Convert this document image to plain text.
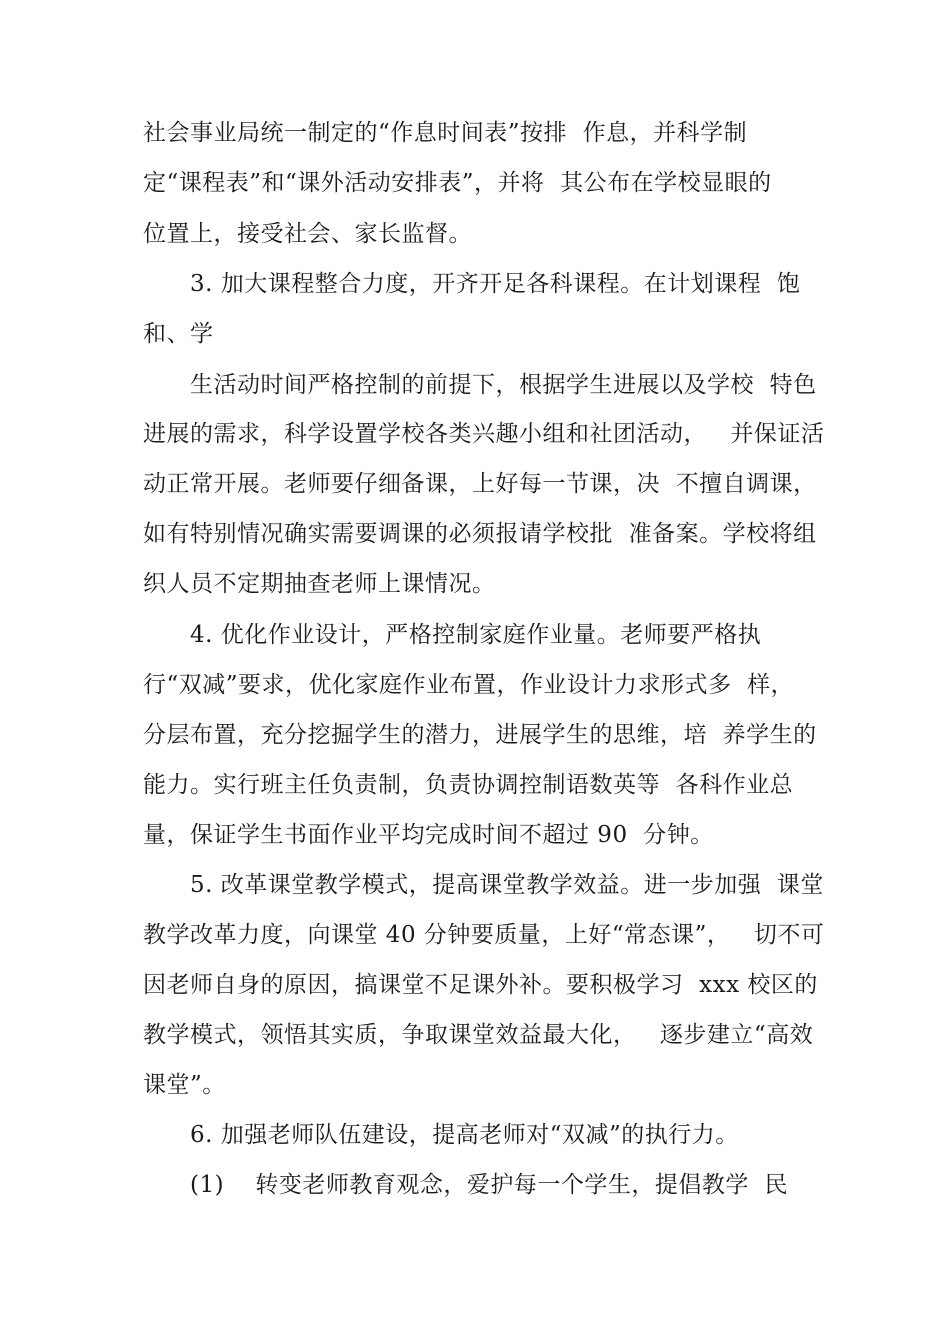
社会事业局统一制定的“作息时间表”按排  作息，并科学制
定“课程表”和“课外活动安排表”，并将  其公布在学校显眼的
位置上，接受社会、家长监督。
3. 加大课程整合力度，开齐开足各科课程。在计划课程  饱
和、学
生活动时间严格控制的前提下，根据学生进展以及学校  特色
进展的需求，科学设置学校各类兴趣小组和社团活动，   并保证活
动正常开展。老师要仔细备课，上好每一节课，决  不擅自调课，
如有特别情况确实需要调课的必须报请学校批  准备案。学校将组
织人员不定期抽查老师上课情况。
4. 优化作业设计，严格控制家庭作业量。老师要严格执
行“双减”要求，优化家庭作业布置，作业设计力求形式多  样，
分层布置，充分挖掘学生的潜力，进展学生的思维，培  养学生的
能力。实行班主任负责制，负责协调控制语数英等  各科作业总
量，保证学生书面作业平均完成时间不超过 90  分钟。
5. 改革课堂教学模式，提高课堂教学效益。进一步加强  课堂
教学改革力度，向课堂 40 分钟要质量，上好“常态课”，   切不可
因老师自身的原因，搞课堂不足课外补。要积极学习  xxx 校区的
教学模式，领悟其实质，争取课堂效益最大化，   逐步建立“高效
课堂”。
6. 加强老师队伍建设，提高老师对“双减”的执行力。
(1)    转变老师教育观念，爱护每一个学生，提倡教学  民
